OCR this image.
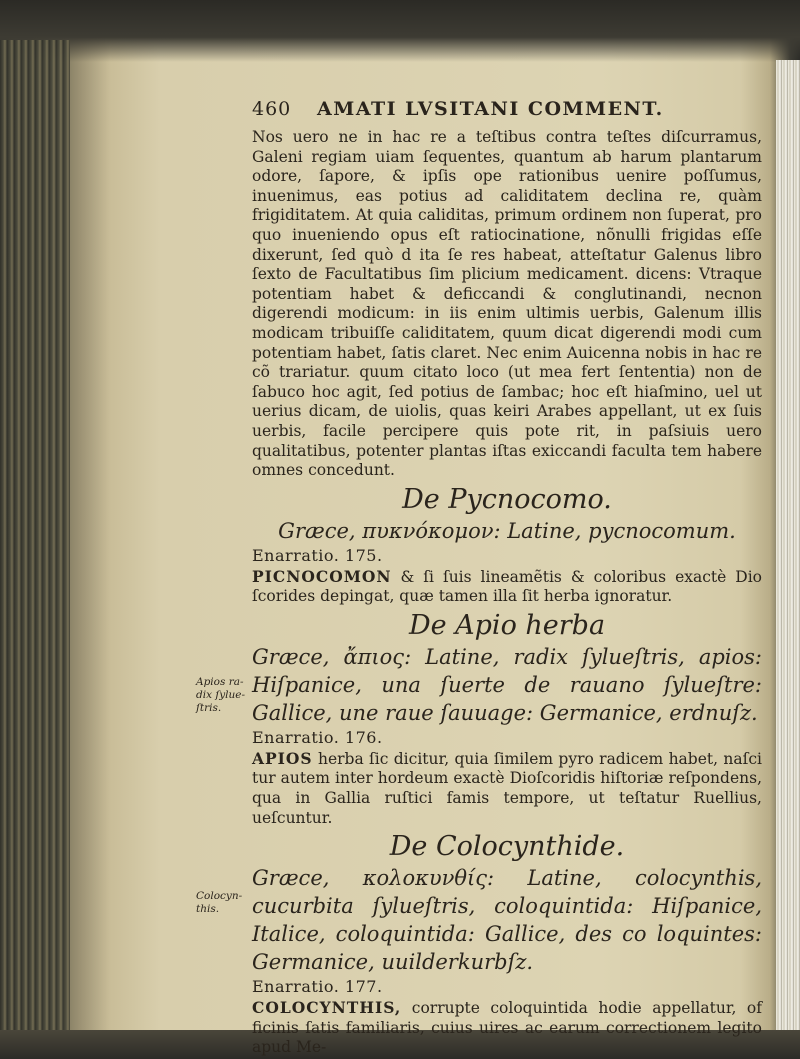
460 AMATI LVSITANI COMMENT.
Apios ra- dix ſylue- ſtris.
Colocyn- this.

Nos uero ne in hac re a teſtibus contra teſtes diſcurramus, Galeni regiam uiam ſequentes, quantum ab harum plantarum odore, ſapore, & ipſis ope rationibus uenire poſſumus, inuenimus, eas potius ad caliditatem declina re, quàm frigiditatem. At quia caliditas, primum ordinem non ſuperat, pro quo inueniendo opus eſt ratiocinatione, nõnulli frigidas eſſe dixerunt, ſed quò d ita ſe res habeat, atteſtatur Galenus libro ſexto de Facultatibus ſim plicium medicament. dicens: Vtraque potentiam habet & deficcandi & conglutinandi, necnon digerendi modicum: in iis enim ultimis uerbis, Galenum illis modicam tribuiſſe caliditatem, quum dicat digerendi modi cum potentiam habet, ſatis claret. Nec enim Auicenna nobis in hac re cõ trariatur. quum citato loco (ut mea fert ſententia) non de ſabuco hoc agit, ſed potius de ſambac; hoc eſt hiaſmino, uel ut uerius dicam, de uiolis, quas keiri Arabes appellant, ut ex ſuis uerbis, facile percipere quis pote rit, in paſsiuis uero qualitatibus, potenter plantas iſtas exiccandi faculta tem habere omnes concedunt.

De Pycnocomo.

Græce, πυκνόκομον: Latine, pycnocomum.

Enarratio. 175.

PICNOCOMON & ſi ſuis lineamẽtis & coloribus exactè Dio ſcorides depingat, quæ tamen illa ſit herba ignoratur.

De Apio herba

Græce, ἄπιος: Latine, radix ſylueſtris, apios: Hiſpanice, una ſuerte de rauano ſylueſtre: Gallice, une raue ſauuage: Germanice, erdnuſz.

Enarratio. 176.

APIOS herba ſic dicitur, quia ſimilem pyro radicem habet, naſci tur autem inter hordeum exactè Dioſcoridis hiſtoriæ reſpondens, qua in Gallia ruſtici famis tempore, ut teſtatur Ruellius, ueſcuntur.

De Colocynthide.

Græce, κολοκυνθίς: Latine, colocynthis, cucurbita ſylueſtris, coloquintida: Hiſpanice, Italice, coloquintida: Gallice, des co loquintes: Germanice, uuilderkurbſz.

Enarratio. 177.

COLOCYNTHIS, corrupte coloquintida hodie appellatur, of ficinis ſatis familiaris, cuius uires ac earum correctionem legito apud Me-
